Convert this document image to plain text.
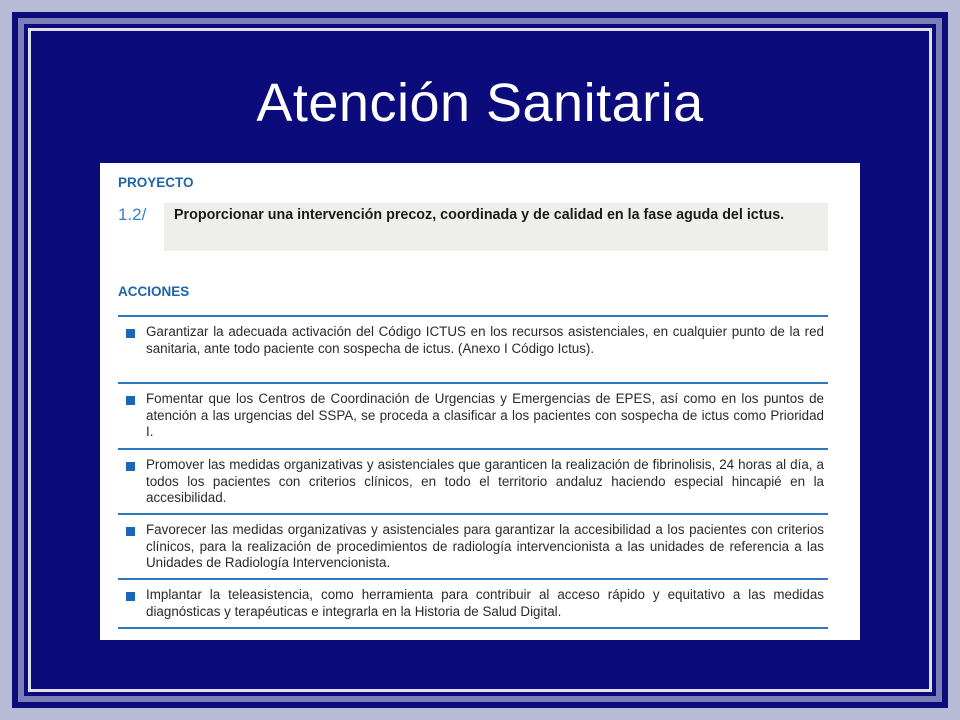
Atención Sanitaria
PROYECTO
1.2/ Proporcionar una intervención precoz, coordinada y de calidad en la fase aguda del ictus.
ACCIONES
Garantizar la adecuada activación del Código ICTUS en los recursos asistenciales, en cualquier punto de la red sanitaria, ante todo paciente con sospecha de ictus. (Anexo I Código Ictus).
Fomentar que los Centros de Coordinación de Urgencias y Emergencias de EPES, así como en los puntos de atención a las urgencias del SSPA, se proceda a clasificar a los pacientes con sospecha de ictus como Prioridad I.
Promover las medidas organizativas y asistenciales que garanticen la realización de fibrinolisis, 24 horas al día, a todos los pacientes con criterios clínicos, en todo el territorio andaluz haciendo especial hincapié en la accesibilidad.
Favorecer las medidas organizativas y asistenciales para garantizar la accesibilidad a los pacientes con criterios clínicos, para la realización de procedimientos de radiología intervencionista a las unidades de referencia a las Unidades de Radiología Intervencionista.
Implantar la teleasistencia, como herramienta para contribuir al acceso rápido y equitativo a las medidas diagnósticas y terapéuticas e integrarla en la Historia de Salud Digital.
